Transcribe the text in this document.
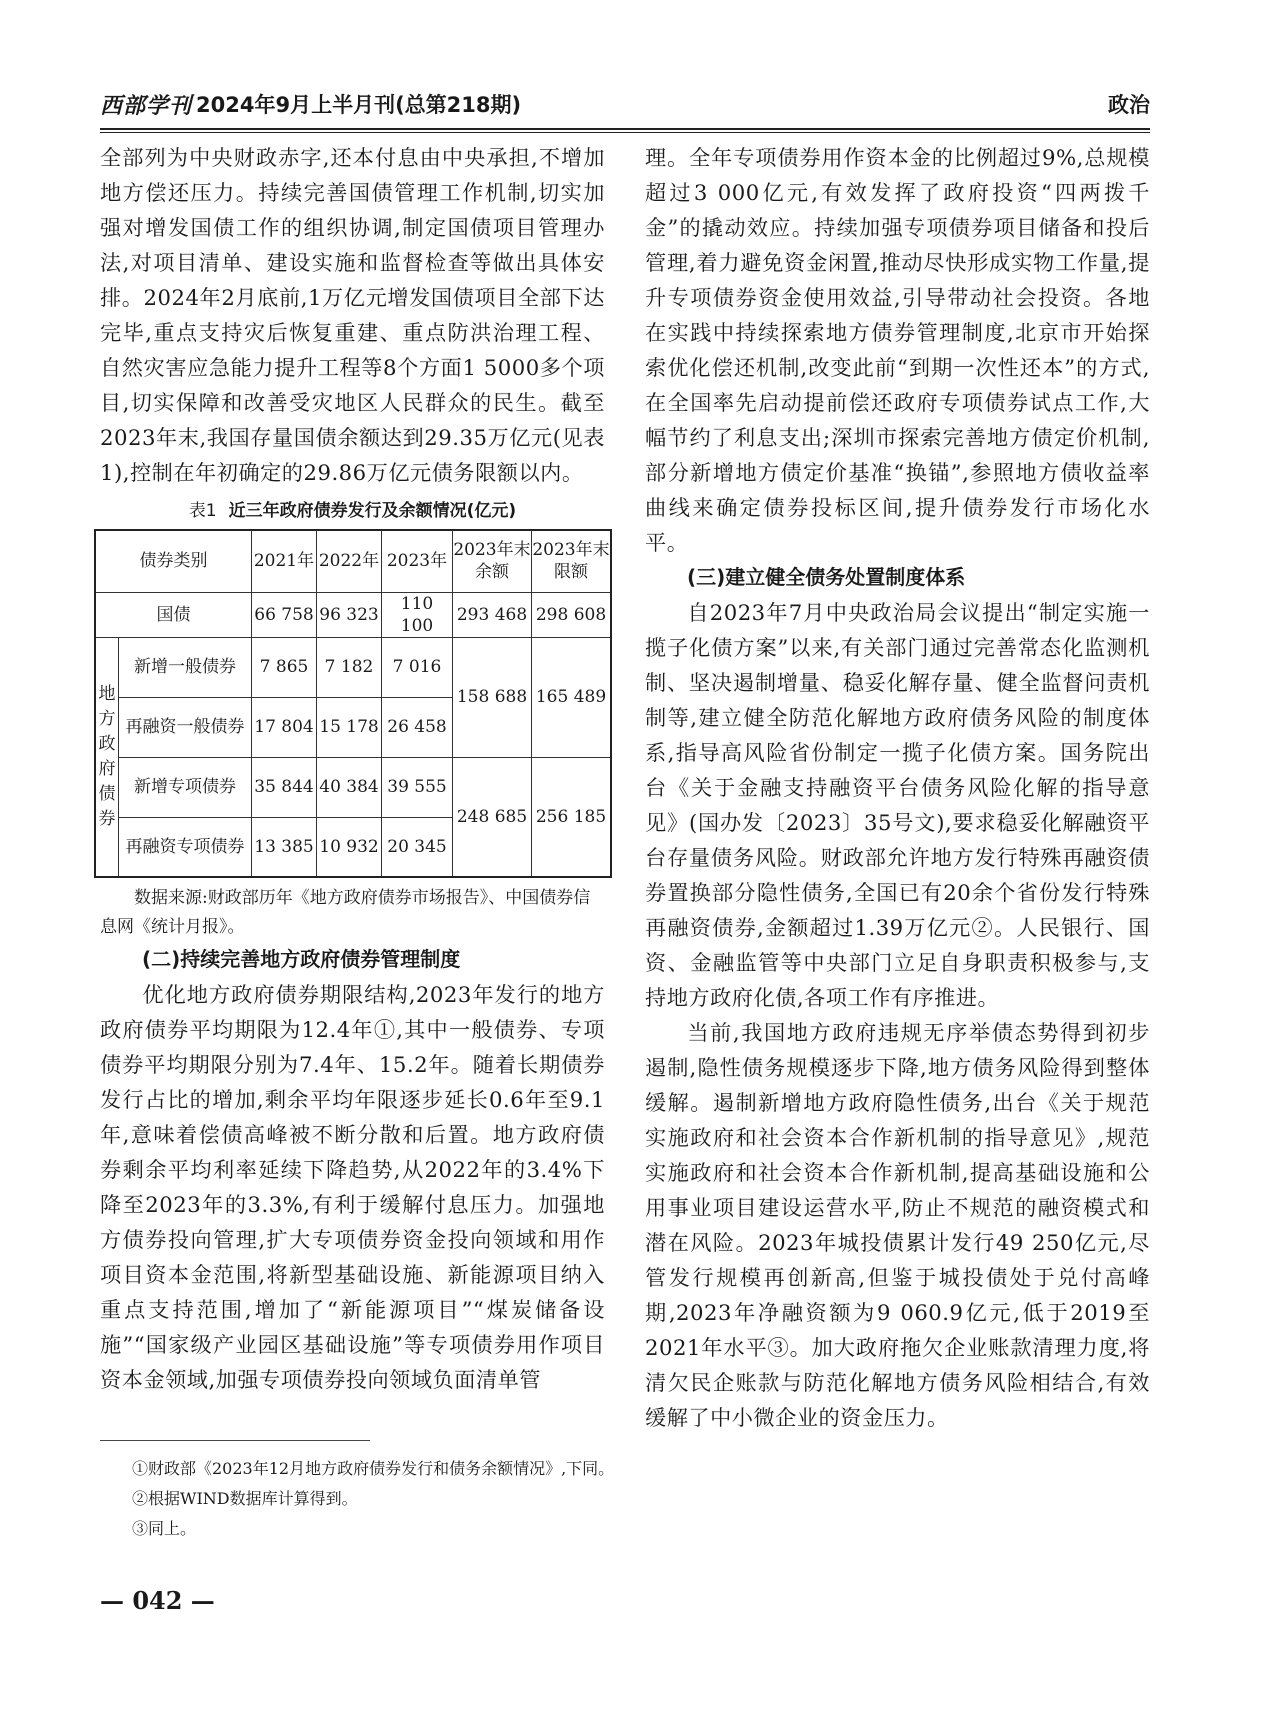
西部学刊 2024年9月上半月刊(总第218期)	政治

全部列为中央财政赤字,还本付息由中央承担,不增加地方偿还压力。持续完善国债管理工作机制,切实加强对增发国债工作的组织协调,制定国债项目管理办法,对项目清单、建设实施和监督检查等做出具体安排。2024年2月底前,1万亿元增发国债项目全部下达完毕,重点支持灾后恢复重建、重点防洪治理工程、自然灾害应急能力提升工程等8个方面1 5000多个项目,切实保障和改善受灾地区人民群众的民生。截至2023年末,我国存量国债余额达到29.35万亿元(见表1),控制在年初确定的29.86万亿元债务限额以内。

表1 近三年政府债券发行及余额情况(亿元)
债券类别		2021年	2022年	2023年	2023年末余额	2023年末限额
国债		66 758	96 323	110 100	293 468	298 608
地方政府债券	新增一般债券	7 865	7 182	7 016	158 688	165 489
	再融资一般债券	17 804	15 178	26 458		
	新增专项债券	35 844	40 384	39 555	248 685	256 185
	再融资专项债券	13 385	10 932	20 345		

数据来源:财政部历年《地方政府债券市场报告》、中国债券信息网《统计月报》。

(二)持续完善地方政府债券管理制度

优化地方政府债券期限结构,2023年发行的地方政府债券平均期限为12.4年①,其中一般债券、专项债券平均期限分别为7.4年、15.2年。随着长期债券发行占比的增加,剩余平均年限逐步延长0.6年至9.1年,意味着偿债高峰被不断分散和后置。地方政府债券剩余平均利率延续下降趋势,从2022年的3.4%下降至2023年的3.3%,有利于缓解付息压力。加强地方债券投向管理,扩大专项债券资金投向领域和用作项目资本金范围,将新型基础设施、新能源项目纳入重点支持范围,增加了“新能源项目”“煤炭储备设施”“国家级产业园区基础设施”等专项债券用作项目资本金领域,加强专项债券投向领域负面清单管

理。全年专项债券用作资本金的比例超过9%,总规模超过3 000亿元,有效发挥了政府投资“四两拨千金”的撬动效应。持续加强专项债券项目储备和投后管理,着力避免资金闲置,推动尽快形成实物工作量,提升专项债券资金使用效益,引导带动社会投资。各地在实践中持续探索地方债券管理制度,北京市开始探索优化偿还机制,改变此前“到期一次性还本”的方式,在全国率先启动提前偿还政府专项债券试点工作,大幅节约了利息支出;深圳市探索完善地方债定价机制,部分新增地方债定价基准“换锚”,参照地方债收益率曲线来确定债券投标区间,提升债券发行市场化水平。

(三)建立健全债务处置制度体系

自2023年7月中央政治局会议提出“制定实施一揽子化债方案”以来,有关部门通过完善常态化监测机制、坚决遏制增量、稳妥化解存量、健全监督问责机制等,建立健全防范化解地方政府债务风险的制度体系,指导高风险省份制定一揽子化债方案。国务院出台《关于金融支持融资平台债务风险化解的指导意见》(国办发〔2023〕35号文),要求稳妥化解融资平台存量债务风险。财政部允许地方发行特殊再融资债券置换部分隐性债务,全国已有20余个省份发行特殊再融资债券,金额超过1.39万亿元②。人民银行、国资、金融监管等中央部门立足自身职责积极参与,支持地方政府化债,各项工作有序推进。

当前,我国地方政府违规无序举债态势得到初步遏制,隐性债务规模逐步下降,地方债务风险得到整体缓解。遏制新增地方政府隐性债务,出台《关于规范实施政府和社会资本合作新机制的指导意见》,规范实施政府和社会资本合作新机制,提高基础设施和公用事业项目建设运营水平,防止不规范的融资模式和潜在风险。2023年城投债累计发行49 250亿元,尽管发行规模再创新高,但鉴于城投债处于兑付高峰期,2023年净融资额为9 060.9亿元,低于2019至2021年水平③。加大政府拖欠企业账款清理力度,将清欠民企账款与防范化解地方债务风险相结合,有效缓解了中小微企业的资金压力。

①财政部《2023年12月地方政府债券发行和债务余额情况》,下同。
②根据WIND数据库计算得到。
③同上。
— 042 —
